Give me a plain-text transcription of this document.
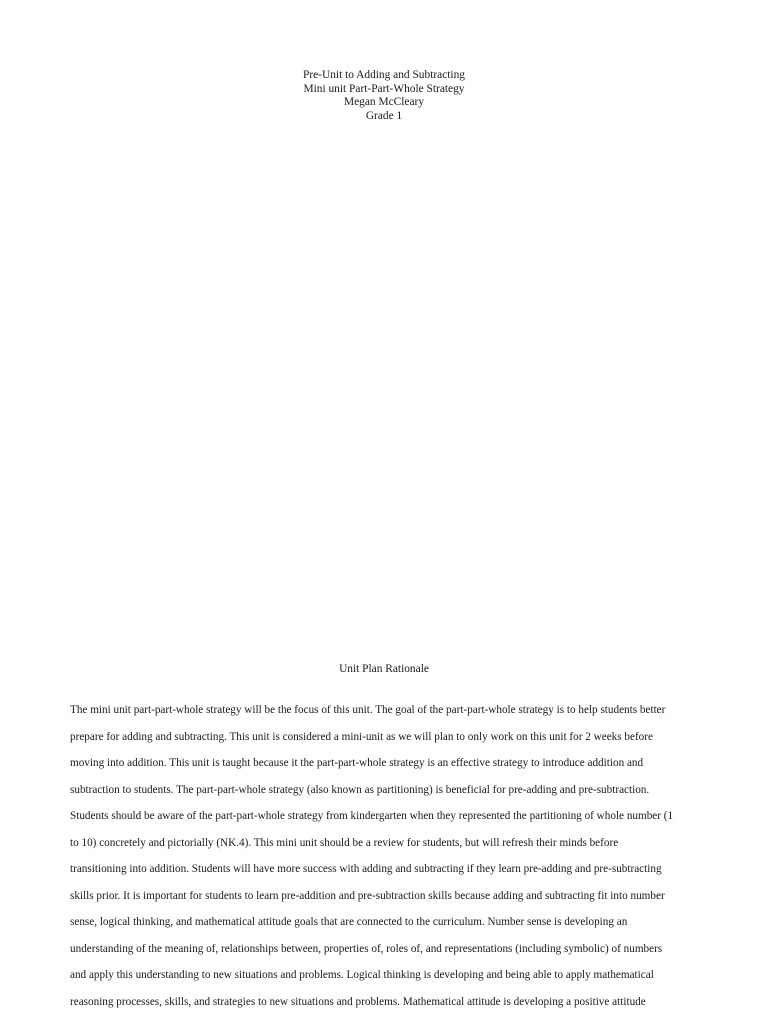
Pre-Unit to Adding and Subtracting
Mini unit Part-Part-Whole Strategy
Megan McCleary
Grade 1
Unit Plan Rationale
The mini unit part-part-whole strategy will be the focus of this unit. The goal of the part-part-whole strategy is to help students better
prepare for adding and subtracting. This unit is considered a mini-unit as we will plan to only work on this unit for 2 weeks before
moving into addition. This unit is taught because it the part-part-whole strategy is an effective strategy to introduce addition and
subtraction to students. The part-part-whole strategy (also known as partitioning) is beneficial for pre-adding and pre-subtraction.
Students should be aware of the part-part-whole strategy from kindergarten when they represented the partitioning of whole number (1
to 10) concretely and pictorially (NK.4). This mini unit should be a review for students, but will refresh their minds before
transitioning into addition. Students will have more success with adding and subtracting if they learn pre-adding and pre-subtracting
skills prior. It is important for students to learn pre-addition and pre-subtraction skills because adding and subtracting fit into number
sense, logical thinking, and mathematical attitude goals that are connected to the curriculum. Number sense is developing an
understanding of the meaning of, relationships between, properties of, roles of, and representations (including symbolic) of numbers
and apply this understanding to new situations and problems. Logical thinking is developing and being able to apply mathematical
reasoning processes, skills, and strategies to new situations and problems. Mathematical attitude is developing a positive attitude
